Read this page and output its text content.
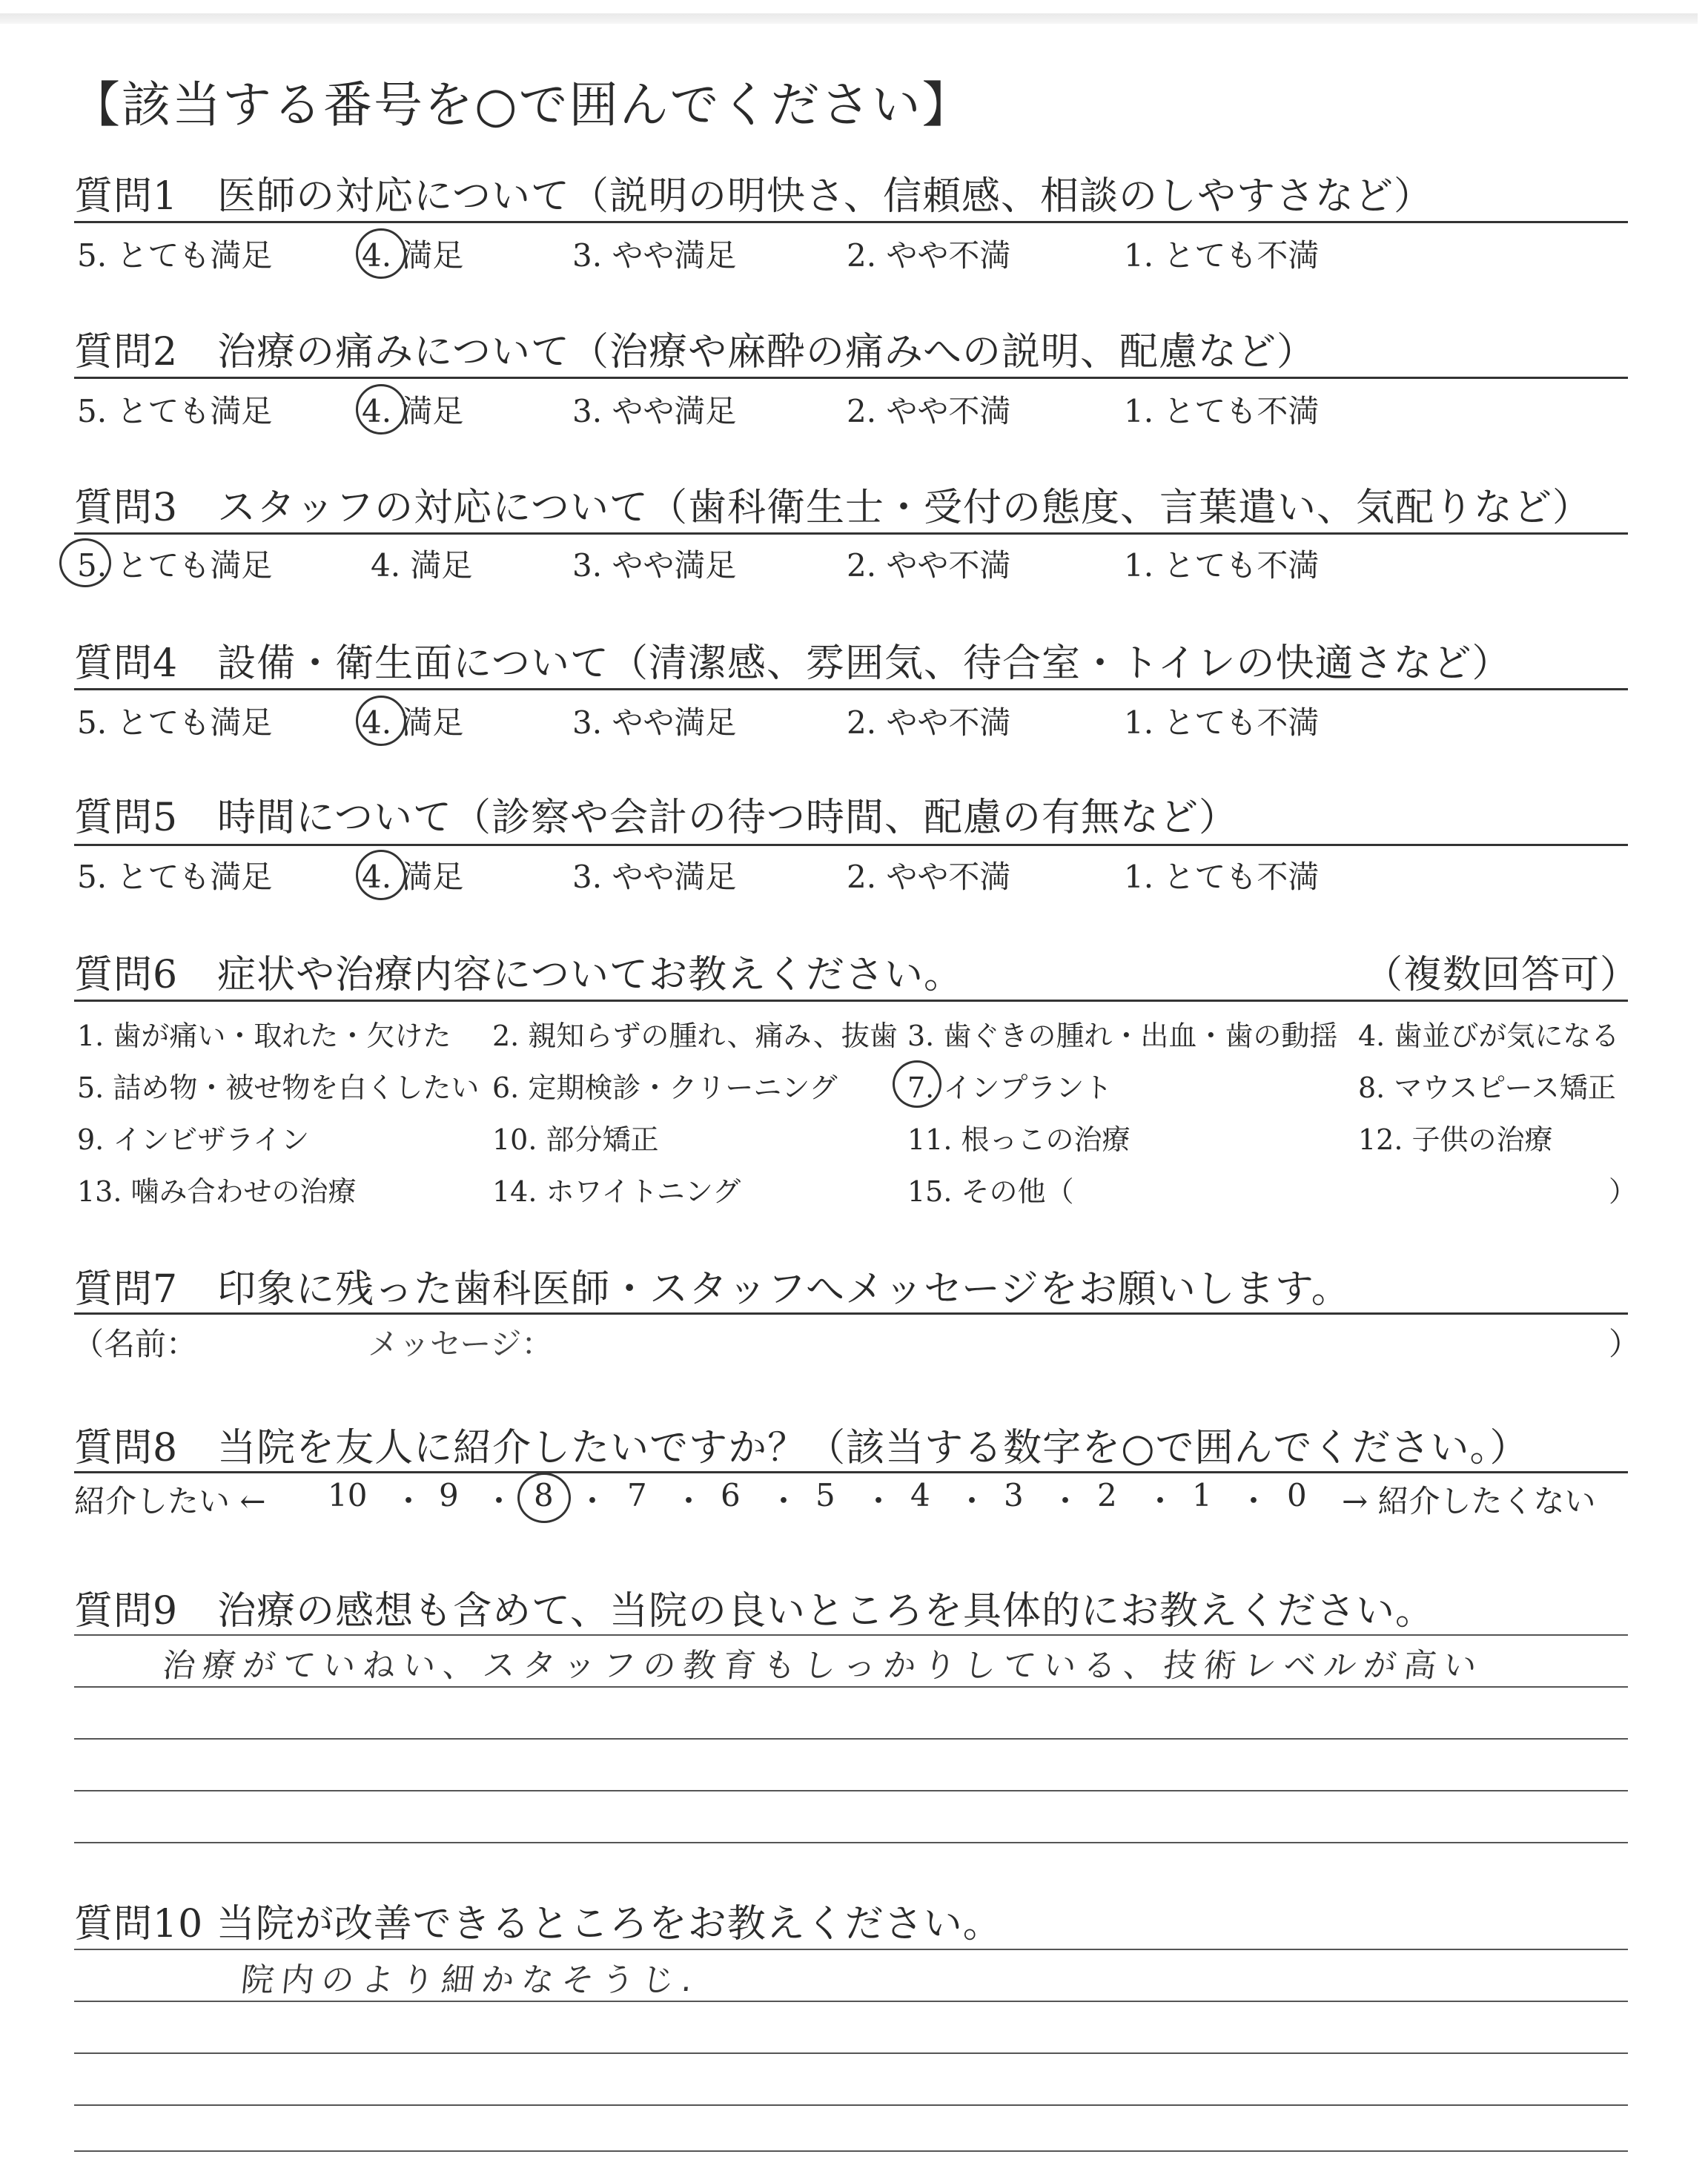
【該当する番号を○で囲んでください】
質問1　医師の対応について（説明の明快さ、信頼感、相談のしやすさなど）
5. とても満足	4. 満足	3. やや満足	2. やや不満	1. とても不満
質問2　治療の痛みについて（治療や麻酔の痛みへの説明、配慮など）
5. とても満足	4. 満足	3. やや満足	2. やや不満	1. とても不満
質問3　スタッフの対応について（歯科衛生士・受付の態度、言葉遣い、気配りなど）
5. とても満足	4. 満足	3. やや満足	2. やや不満	1. とても不満
質問4　設備・衛生面について（清潔感、雰囲気、待合室・トイレの快適さなど）
5. とても満足	4. 満足	3. やや満足	2. やや不満	1. とても不満
質問5　時間について（診察や会計の待つ時間、配慮の有無など）
5. とても満足	4. 満足	3. やや満足	2. やや不満	1. とても不満
質問6　症状や治療内容についてお教えください。	（複数回答可）
1. 歯が痛い・取れた・欠けた 2. 親知らずの腫れ、痛み、抜歯 3. 歯ぐきの腫れ・出血・歯の動揺 4. 歯並びが気になる
5. 詰め物・被せ物を白くしたい 6. 定期検診・クリーニング 7. インプラント	8. マウスピース矯正
9. インビザライン	10. 部分矯正	11. 根っこの治療	12. 子供の治療
13. 噛み合わせの治療	14. ホワイトニング	15. その他（	）
質問7　印象に残った歯科医師・スタッフへメッセージをお願いします。
（名前：	メッセージ：	）
質問8　当院を友人に紹介したいですか？（該当する数字を○で囲んでください。）
紹介したい ← 10 ・ 9 ・ 8 ・ 7 ・ 6 ・ 5 ・ 4 ・ 3 ・ 2 ・ 1 ・ 0 → 紹介したくない
質問9　治療の感想も含めて、当院の良いところを具体的にお教えください。
治療がていねい、スタッフの教育もしっかりしている、技術レベルが高い
質問10 当院が改善できるところをお教えください。
院内のより細かなそうじ.
